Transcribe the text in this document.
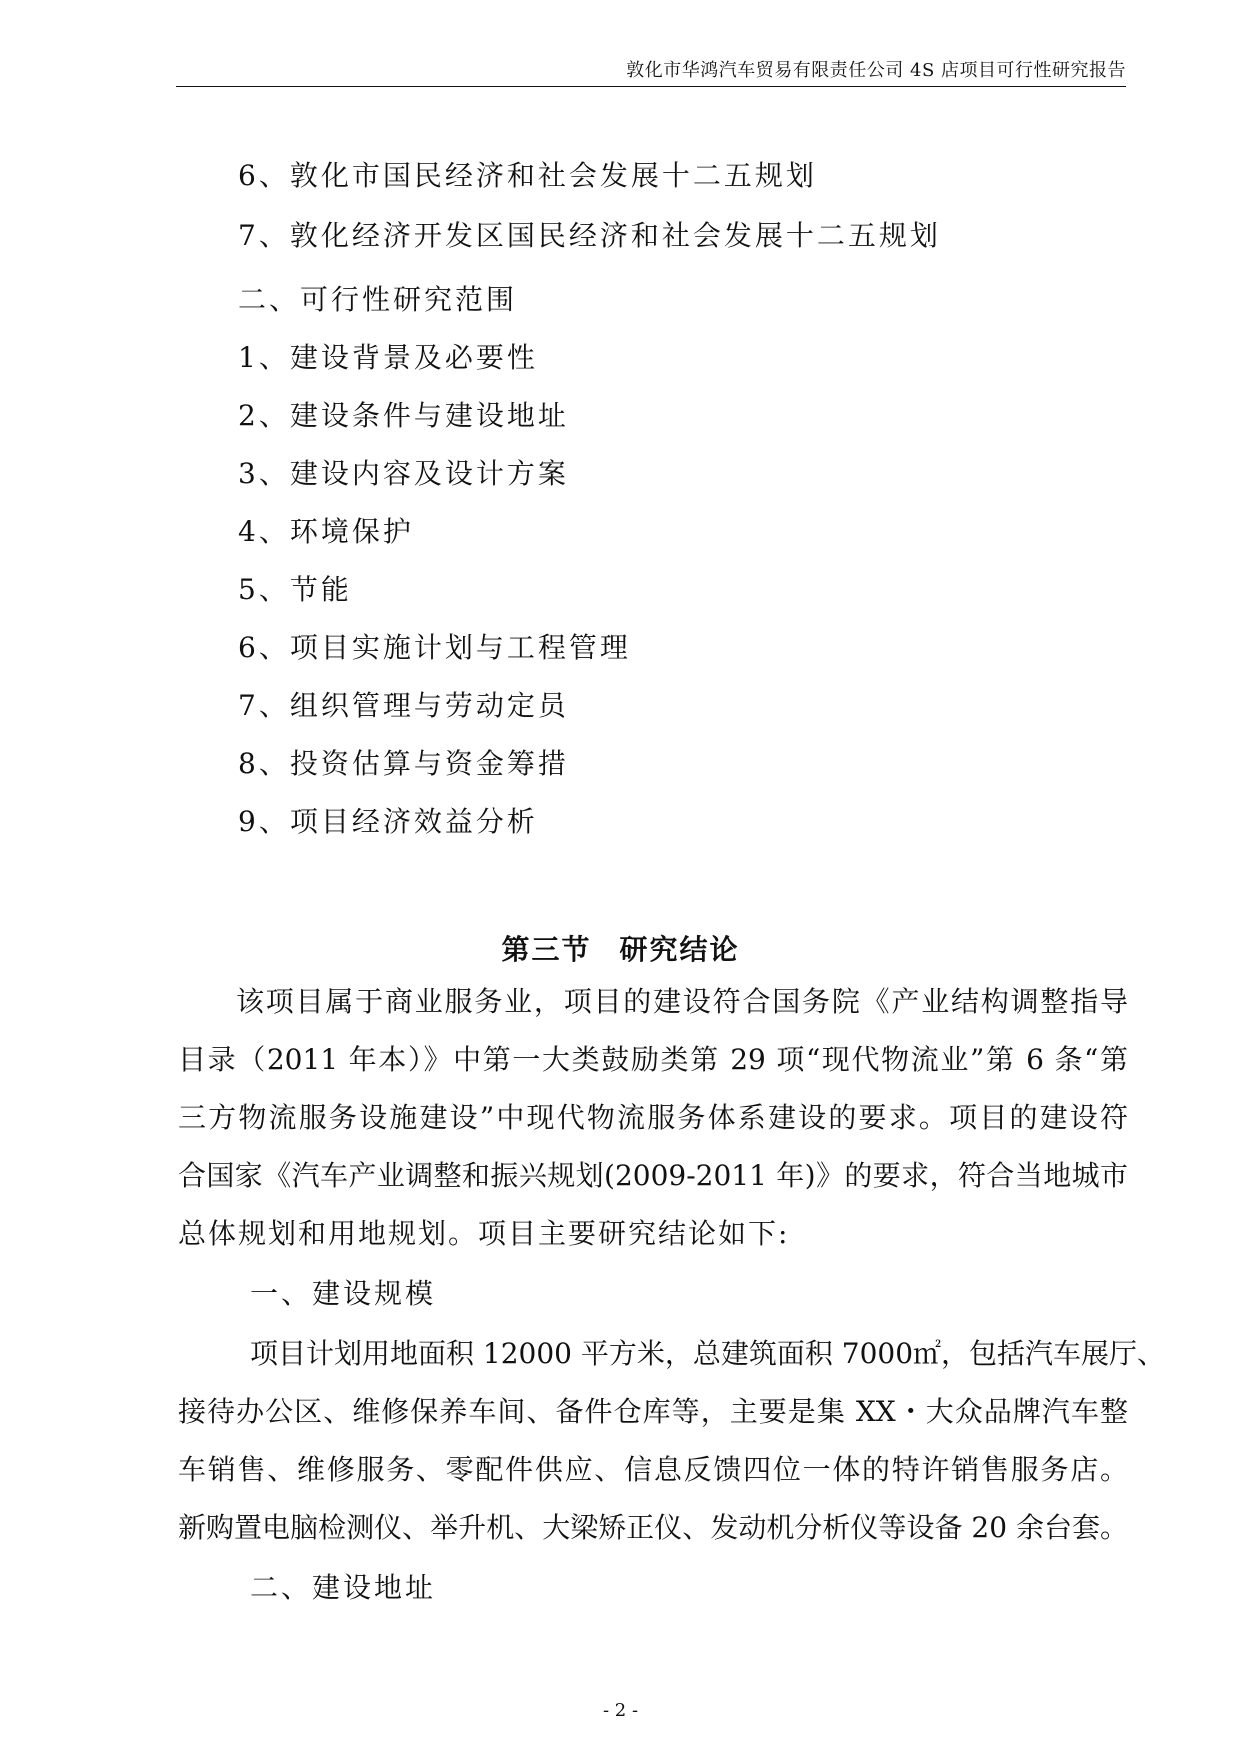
敦化市华鸿汽车贸易有限责任公司 4S 店项目可行性研究报告
6、敦化市国民经济和社会发展十二五规划
7、敦化经济开发区国民经济和社会发展十二五规划
二、可行性研究范围
1、建设背景及必要性
2、建设条件与建设地址
3、建设内容及设计方案
4、环境保护
5、节能
6、项目实施计划与工程管理
7、组织管理与劳动定员
8、投资估算与资金筹措
9、项目经济效益分析
第三节 研究结论
该项目属于商业服务业，项目的建设符合国务院《产业结构调整指导
目录（2011 年本）》中第一大类鼓励类第 29 项“现代物流业”第 6 条“第
三方物流服务设施建设”中现代物流服务体系建设的要求。项目的建设符
合国家《汽车产业调整和振兴规划(2009-2011 年)》的要求，符合当地城市
总体规划和用地规划。项目主要研究结论如下:
一、建设规模
项目计划用地面积 12000 平方米，总建筑面积 7000㎡，包括汽车展厅、
接待办公区、维修保养车间、备件仓库等，主要是集 XX・大众品牌汽车整
车销售、维修服务、零配件供应、信息反馈四位一体的特许销售服务店。
新购置电脑检测仪、举升机、大梁矫正仪、发动机分析仪等设备 20 余台套。
二、建设地址
- 2 -
